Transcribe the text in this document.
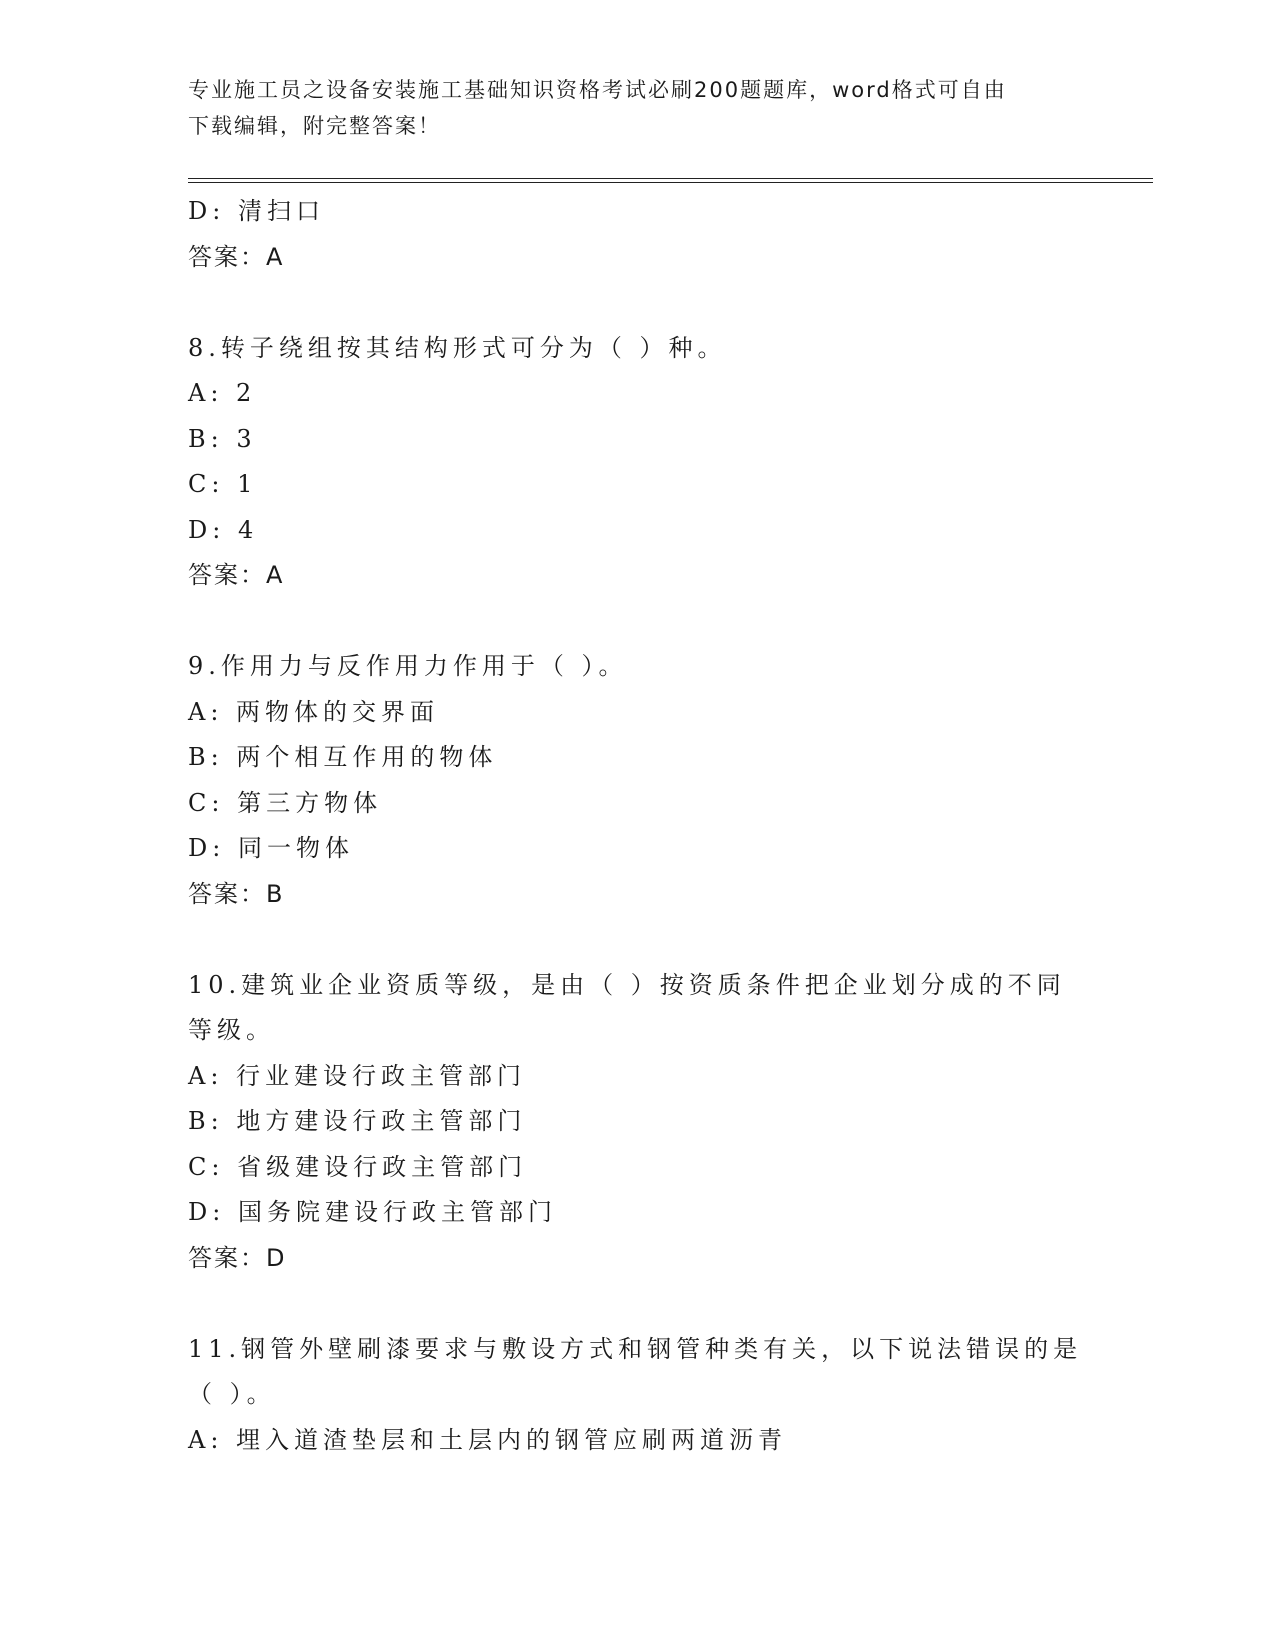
专业施工员之设备安装施工基础知识资格考试必刷200题题库，word格式可自由
下载编辑，附完整答案！
D: 清扫口
答案：A
8.转子绕组按其结构形式可分为（ ）种。
A: 2
B: 3
C: 1
D: 4
答案：A
9.作用力与反作用力作用于（ ）。
A: 两物体的交界面
B: 两个相互作用的物体
C: 第三方物体
D: 同一物体
答案：B
10.建筑业企业资质等级，是由（ ）按资质条件把企业划分成的不同
等级。
A: 行业建设行政主管部门
B: 地方建设行政主管部门
C: 省级建设行政主管部门
D: 国务院建设行政主管部门
答案：D
11.钢管外壁刷漆要求与敷设方式和钢管种类有关，以下说法错误的是
（ ）。
A: 埋入道渣垫层和土层内的钢管应刷两道沥青
